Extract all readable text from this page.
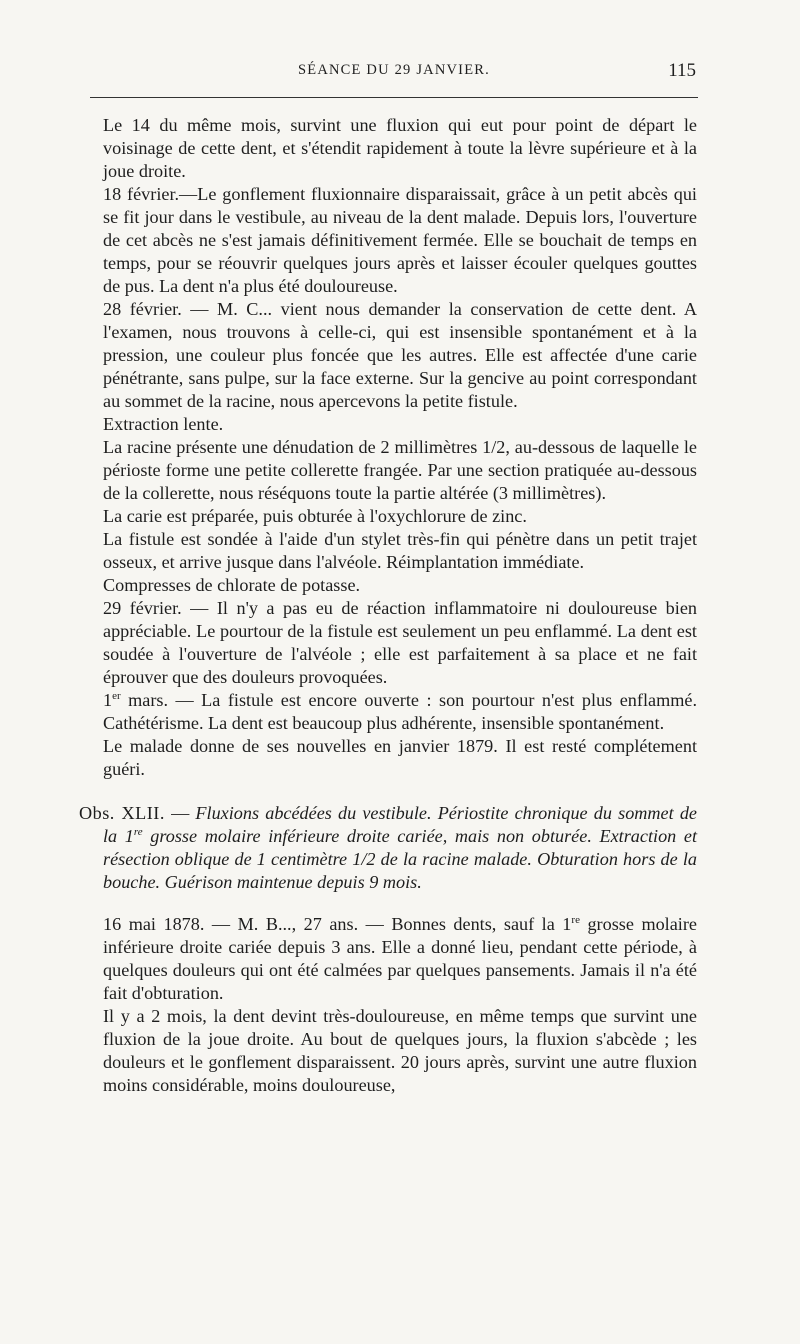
SÉANCE DU 29 JANVIER.	115

Le 14 du même mois, survint une fluxion qui eut pour point de départ le voisinage de cette dent, et s'étendit rapidement à toute la lèvre supérieure et à la joue droite.

18 février.—Le gonflement fluxionnaire disparaissait, grâce à un petit abcès qui se fit jour dans le vestibule, au niveau de la dent malade. Depuis lors, l'ouverture de cet abcès ne s'est jamais définitivement fermée. Elle se bouchait de temps en temps, pour se réouvrir quelques jours après et laisser écouler quelques gouttes de pus. La dent n'a plus été douloureuse.

28 février. — M. C... vient nous demander la conservation de cette dent. A l'examen, nous trouvons à celle-ci, qui est insensible spontanément et à la pression, une couleur plus foncée que les autres. Elle est affectée d'une carie pénétrante, sans pulpe, sur la face externe. Sur la gencive au point correspondant au sommet de la racine, nous apercevons la petite fistule.

Extraction lente.

La racine présente une dénudation de 2 millimètres 1/2, au-dessous de laquelle le périoste forme une petite collerette frangée. Par une section pratiquée au-dessous de la collerette, nous réséquons toute la partie altérée (3 millimètres).

La carie est préparée, puis obturée à l'oxychlorure de zinc.

La fistule est sondée à l'aide d'un stylet très-fin qui pénètre dans un petit trajet osseux, et arrive jusque dans l'alvéole. Réimplantation immédiate.

Compresses de chlorate de potasse.

29 février. — Il n'y a pas eu de réaction inflammatoire ni douloureuse bien appréciable. Le pourtour de la fistule est seulement un peu enflammé. La dent est soudée à l'ouverture de l'alvéole ; elle est parfaitement à sa place et ne fait éprouver que des douleurs provoquées.

1er mars. — La fistule est encore ouverte : son pourtour n'est plus enflammé. Cathétérisme. La dent est beaucoup plus adhérente, insensible spontanément.

Le malade donne de ses nouvelles en janvier 1879. Il est resté complétement guéri.

Obs. XLII. — Fluxions abcédées du vestibule. Périostite chronique du sommet de la 1re grosse molaire inférieure droite cariée, mais non obturée. Extraction et résection oblique de 1 centimètre 1/2 de la racine malade. Obturation hors de la bouche. Guérison maintenue depuis 9 mois.

16 mai 1878. — M. B..., 27 ans. — Bonnes dents, sauf la 1re grosse molaire inférieure droite cariée depuis 3 ans. Elle a donné lieu, pendant cette période, à quelques douleurs qui ont été calmées par quelques pansements. Jamais il n'a été fait d'obturation.

Il y a 2 mois, la dent devint très-douloureuse, en même temps que survint une fluxion de la joue droite. Au bout de quelques jours, la fluxion s'abcède ; les douleurs et le gonflement disparaissent. 20 jours après, survint une autre fluxion moins considérable, moins douloureuse,
